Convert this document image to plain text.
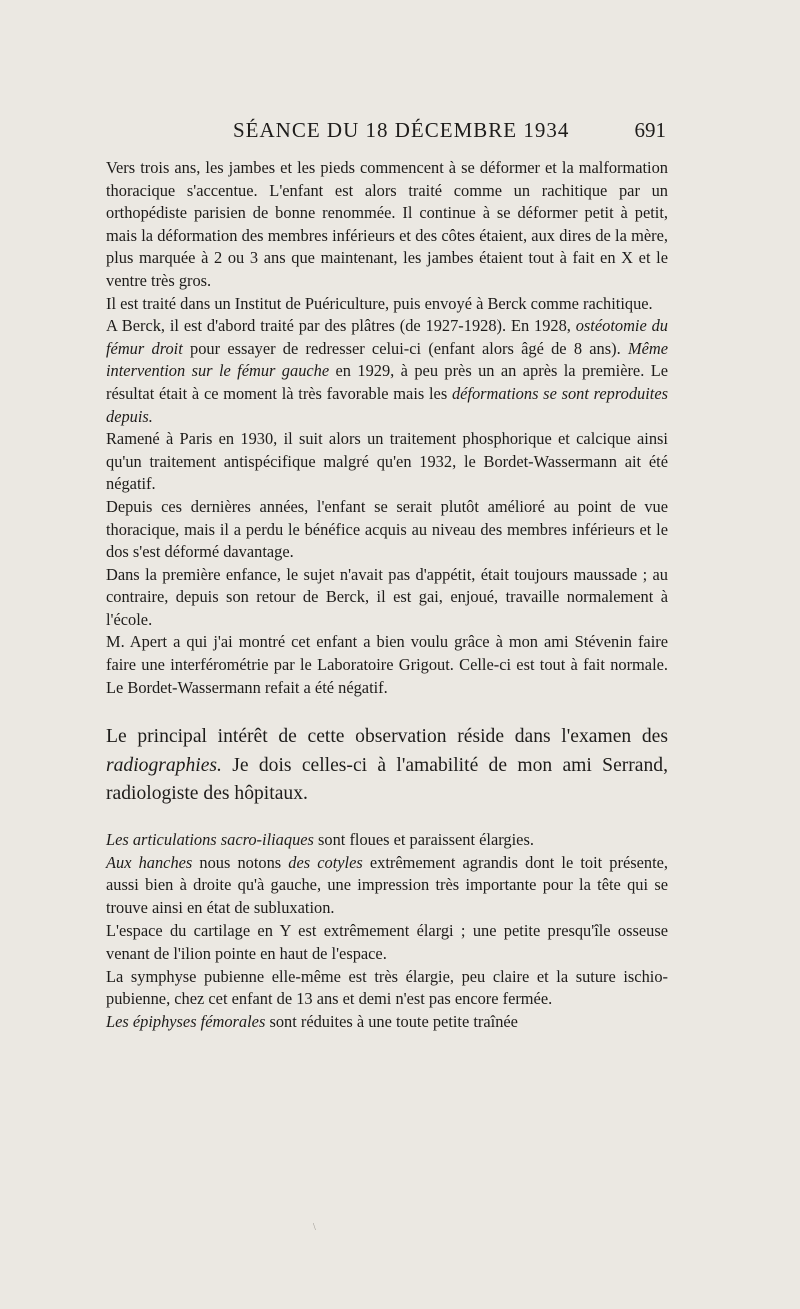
SÉANCE DU 18 DÉCEMBRE 1934	691

Vers trois ans, les jambes et les pieds commencent à se déformer et la malformation thoracique s'accentue. L'enfant est alors traité comme un rachitique par un orthopédiste parisien de bonne renommée. Il continue à se déformer petit à petit, mais la déformation des membres inférieurs et des côtes étaient, aux dires de la mère, plus marquée à 2 ou 3 ans que maintenant, les jambes étaient tout à fait en X et le ventre très gros.

Il est traité dans un Institut de Puériculture, puis envoyé à Berck comme rachitique.

A Berck, il est d'abord traité par des plâtres (de 1927-1928). En 1928, ostéotomie du fémur droit pour essayer de redresser celui-ci (enfant alors âgé de 8 ans). Même intervention sur le fémur gauche en 1929, à peu près un an après la première. Le résultat était à ce moment là très favorable mais les déformations se sont reproduites depuis.

Ramené à Paris en 1930, il suit alors un traitement phosphorique et calcique ainsi qu'un traitement antispécifique malgré qu'en 1932, le Bordet-Wassermann ait été négatif.

Depuis ces dernières années, l'enfant se serait plutôt amélioré au point de vue thoracique, mais il a perdu le bénéfice acquis au niveau des membres inférieurs et le dos s'est déformé davantage.

Dans la première enfance, le sujet n'avait pas d'appétit, était toujours maussade ; au contraire, depuis son retour de Berck, il est gai, enjoué, travaille normalement à l'école.

M. Apert a qui j'ai montré cet enfant a bien voulu grâce à mon ami Stévenin faire faire une interférométrie par le Laboratoire Grigout. Celle-ci est tout à fait normale. Le Bordet-Wassermann refait a été négatif.

Le principal intérêt de cette observation réside dans l'examen des radiographies. Je dois celles-ci à l'amabilité de mon ami Serrand, radiologiste des hôpitaux.

Les articulations sacro-iliaques sont floues et paraissent élargies.

Aux hanches nous notons des cotyles extrêmement agrandis dont le toit présente, aussi bien à droite qu'à gauche, une impression très importante pour la tête qui se trouve ainsi en état de subluxation.

L'espace du cartilage en Y est extrêmement élargi ; une petite presqu'île osseuse venant de l'ilion pointe en haut de l'espace.

La symphyse pubienne elle-même est très élargie, peu claire et la suture ischio-pubienne, chez cet enfant de 13 ans et demi n'est pas encore fermée.

Les épiphyses fémorales sont réduites à une toute petite traînée

\
